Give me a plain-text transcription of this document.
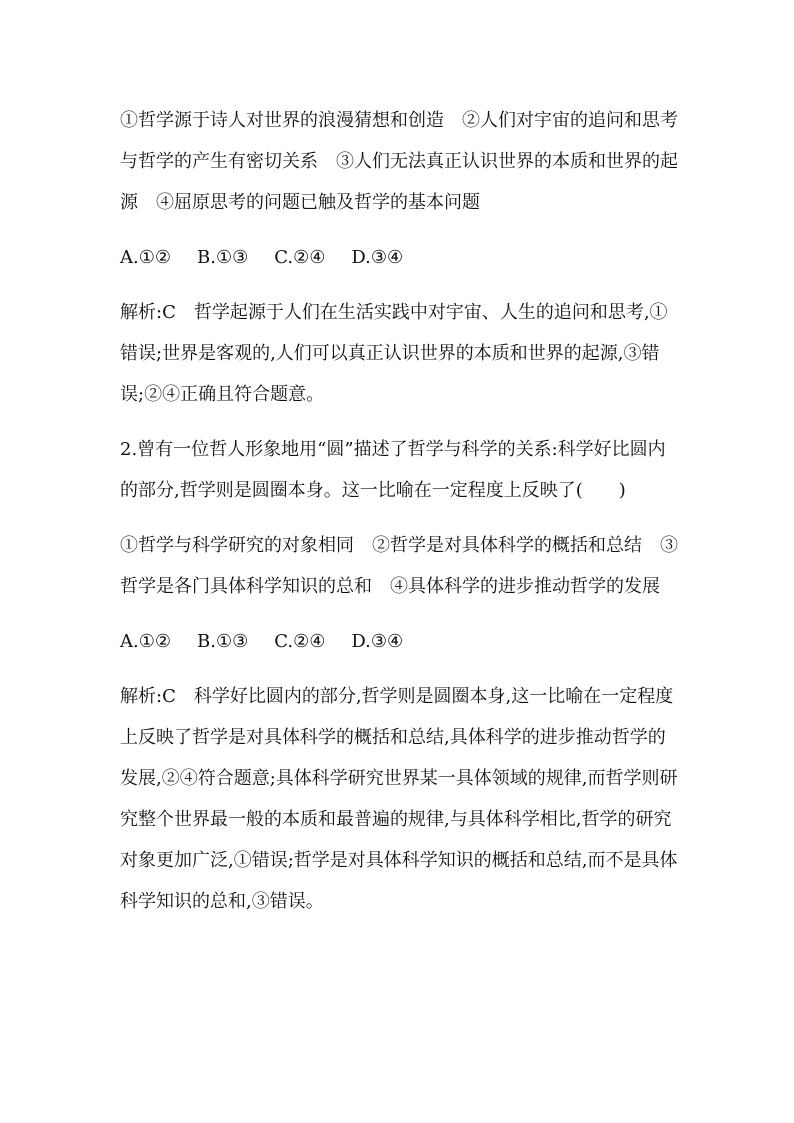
①哲学源于诗人对世界的浪漫猜想和创造　②人们对宇宙的追问和思考与哲学的产生有密切关系　③人们无法真正认识世界的本质和世界的起源　④屈原思考的问题已触及哲学的基本问题

A.①② B.①③ C.②④ D.③④

解析:C　哲学起源于人们在生活实践中对宇宙、人生的追问和思考,①错误;世界是客观的,人们可以真正认识世界的本质和世界的起源,③错误;②④正确且符合题意。

2.曾有一位哲人形象地用“圆”描述了哲学与科学的关系:科学好比圆内的部分,哲学则是圆圈本身。这一比喻在一定程度上反映了(　　)

①哲学与科学研究的对象相同　②哲学是对具体科学的概括和总结　③哲学是各门具体科学知识的总和　④具体科学的进步推动哲学的发展

A.①② B.①③ C.②④ D.③④

解析:C　科学好比圆内的部分,哲学则是圆圈本身,这一比喻在一定程度上反映了哲学是对具体科学的概括和总结,具体科学的进步推动哲学的发展,②④符合题意;具体科学研究世界某一具体领域的规律,而哲学则研究整个世界最一般的本质和最普遍的规律,与具体科学相比,哲学的研究对象更加广泛,①错误;哲学是对具体科学知识的概括和总结,而不是具体科学知识的总和,③错误。
